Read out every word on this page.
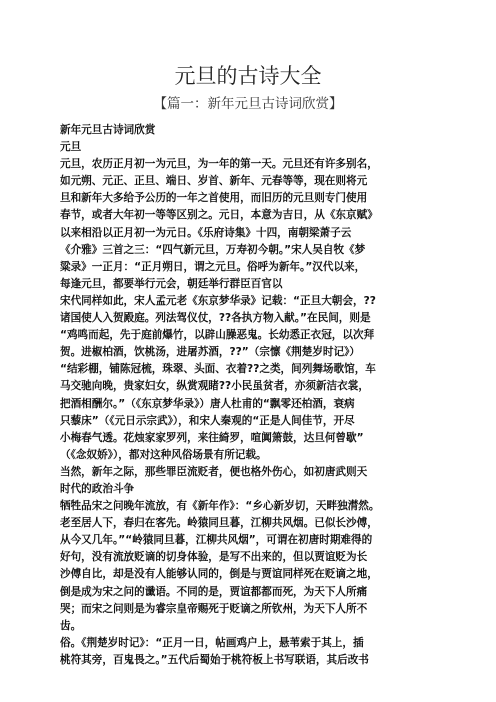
元旦的古诗大全
【篇一：新年元旦古诗词欣赏】
新年元旦古诗词欣赏
元旦
元旦，农历正月初一为元旦，为一年的第一天。元旦还有许多别名，
如元朔、元正、正旦、端日、岁首、新年、元春等等，现在则将元
旦和新年大多给予公历的一年之首使用，而旧历的元旦则专门使用
春节，或者大年初一等等区别之。元日，本意为吉日，从《东京赋》
以来相沿以正月初一为元日。《乐府诗集》十四，南朝梁萧子云
《介雅》三首之三：“四气新元旦，万寿初今朝。”宋人吴自牧《梦
粱录》一正月：“正月朔日，谓之元旦。俗呼为新年。”汉代以来，
每逢元旦，都要举行元会，朝廷举行群臣百官以
宋代同样如此，宋人孟元老《东京梦华录》记载：“正旦大朝会，??
诸国使人入贺殿庭。列法驾仪仗，??各执方物入献。”在民间，则是
“鸡鸣而起，先于庭前爆竹，以辟山臊恶鬼。长幼悉正衣冠，以次拜
贺。进椒柏酒，饮桃汤，进屠苏酒，??”（宗懔《荆楚岁时记》）
“结彩棚，铺陈冠梳，珠翠、头面、衣着??之类，间列舞场歌馆，车
马交驰向晚，贵家妇女，纵赏观睹??小民虽贫者，亦须新洁衣裳，
把酒相酬尔。”（《东京梦华录》）唐人杜甫的“飘零还柏酒，衰病
只藜床”（《元日示宗武》），和宋人秦观的“正是人间佳节，开尽
小梅春气透。花烛家家罗列，来往綺罗，喧阗箫鼓，达旦何曾歇”
（《念奴娇》），都对这种风俗场景有所记载。
当然，新年之际，那些罪臣流贬者，便也格外伤心，如初唐武则天
时代的政治斗争
牺牲品宋之问晚年流放，有《新年作》：“乡心新岁切，天畔独潸然。
老至居人下，春归在客先。岭猿同旦暮，江柳共风烟。已似长沙傅，
从今又几年。”“岭猿同旦暮，江柳共风烟”，可谓在初唐时期难得的
好句，没有流放贬谪的切身体验，是写不出来的，但以贾谊贬为长
沙傅自比，却是没有人能够认同的，倒是与贾谊同样死在贬谪之地，
倒是成为宋之问的谶语。不同的是，贾谊都都而死，为天下人所痛
哭；而宋之问则是为睿宗皇帝赐死于贬谪之所钦州，为天下人所不
齿。
俗。《荆楚岁时记》：“正月一日，帖画鸡户上，悬苇索于其上，插
桃符其旁，百鬼畏之。”五代后蜀始于桃符板上书写联语，其后改书
